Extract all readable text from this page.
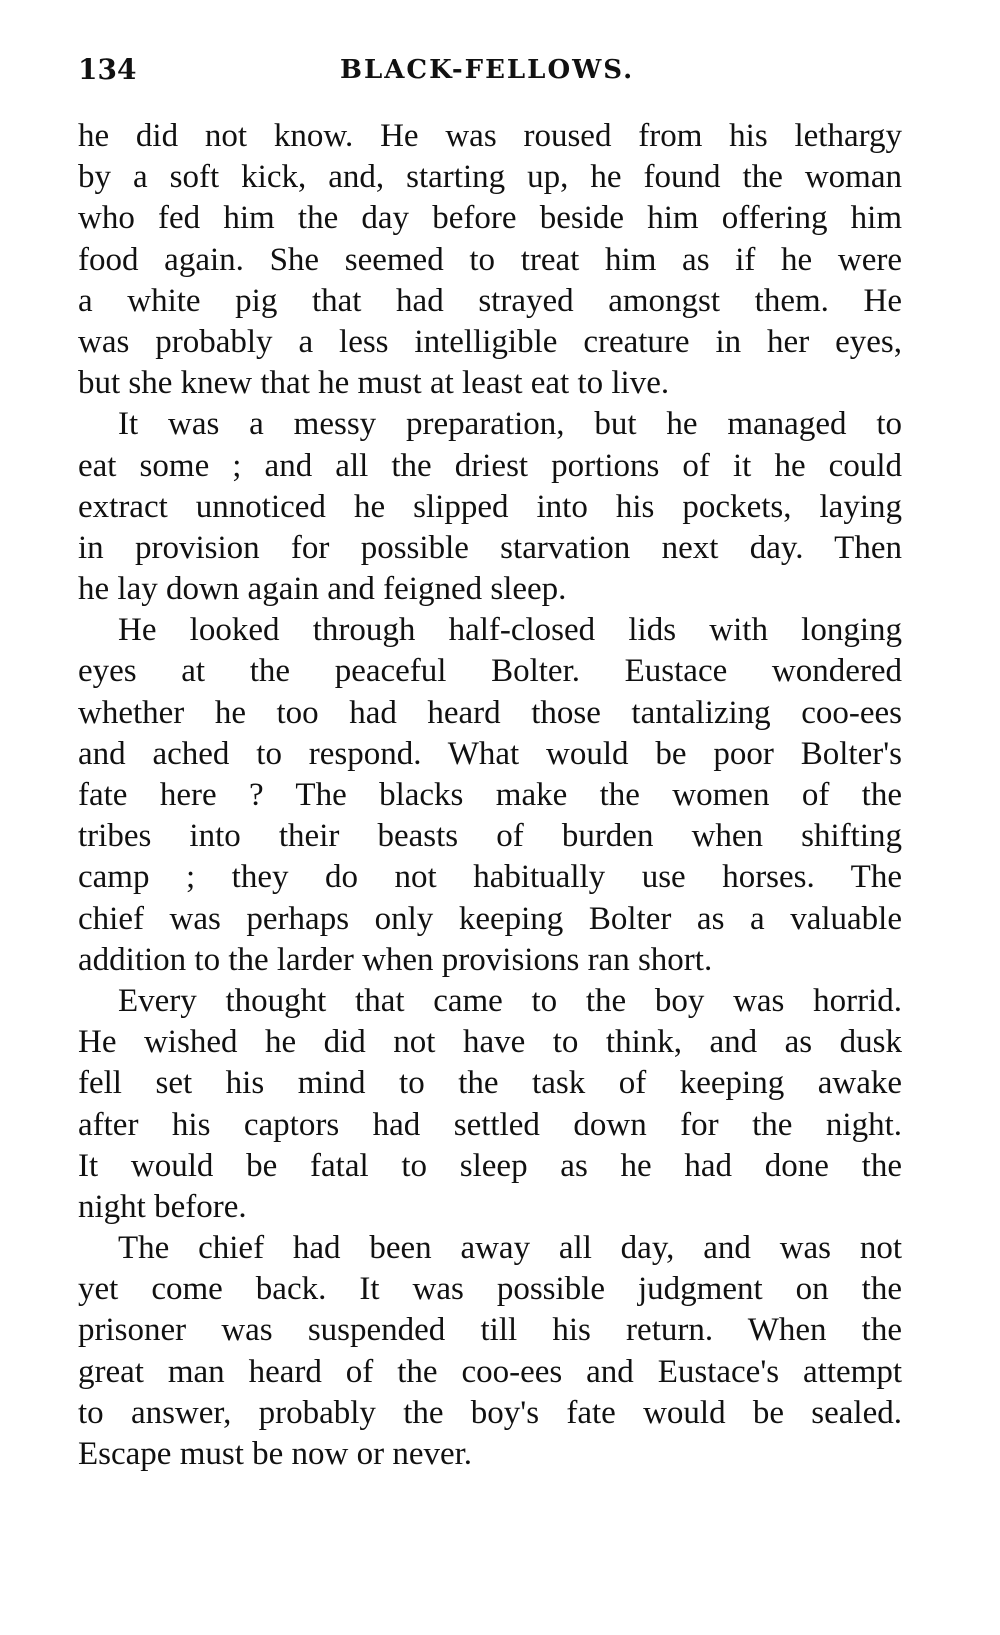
134	BLACK-FELLOWS.
he did not know. He was roused from his lethargy
by a soft kick, and, starting up, he found the woman
who fed him the day before beside him offering him
food again. She seemed to treat him as if he were
a white pig that had strayed amongst them. He
was probably a less intelligible creature in her eyes,
but she knew that he must at least eat to live.
It was a messy preparation, but he managed to
eat some ; and all the driest portions of it he could
extract unnoticed he slipped into his pockets, laying
in provision for possible starvation next day. Then
he lay down again and feigned sleep.
He looked through half-closed lids with longing
eyes at the peaceful Bolter. Eustace wondered
whether he too had heard those tantalizing coo-ees
and ached to respond. What would be poor Bolter's
fate here ? The blacks make the women of the
tribes into their beasts of burden when shifting
camp ; they do not habitually use horses. The
chief was perhaps only keeping Bolter as a valuable
addition to the larder when provisions ran short.
Every thought that came to the boy was horrid.
He wished he did not have to think, and as dusk
fell set his mind to the task of keeping awake
after his captors had settled down for the night.
It would be fatal to sleep as he had done the
night before.
The chief had been away all day, and was not
yet come back. It was possible judgment on the
prisoner was suspended till his return. When the
great man heard of the coo-ees and Eustace's attempt
to answer, probably the boy's fate would be sealed.
Escape must be now or never.
